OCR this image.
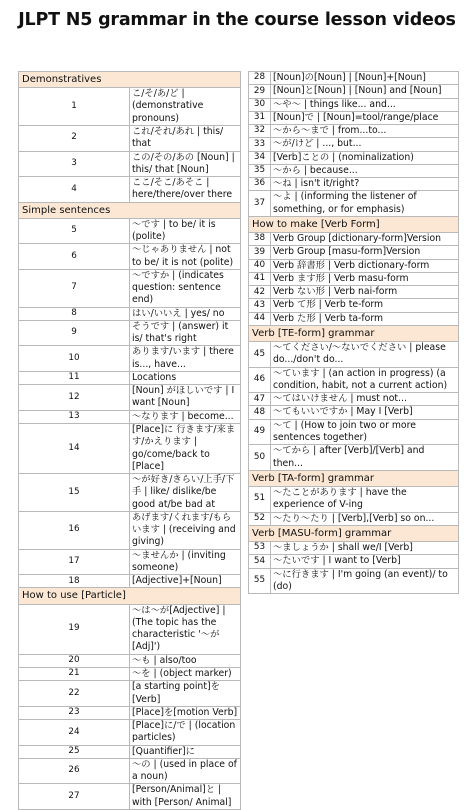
JLPT N5 grammar in the course lesson videos
Demonstratives	
1	こ/そ/あ/ど | (demonstrative pronouns)
2	これ/それ/あれ | this/ that
3	この/その/あの [Noun] | this/ that [Noun]
4	ここ/そこ/あそこ | here/there/over there
Simple sentences	
5	〜です | to be/ it is (polite)
6	〜じゃありません | not to be/ it is not (polite)
7	〜ですか | (indicates question: sentence end)
8	はい/いいえ | yes/ no
9	そうです | (answer) it is/ that's right
10	あります/います | there is..., have...
11	Locations
12	[Noun] がほしいです | I want [Noun]
13	〜なります | become...
14	[Place]に 行きます/来ます/かえります | go/come/back to [Place]
15	〜が好き/きらい/上手/下手 | like/ dislike/be good at/be bad at
16	あげます/くれます/もらいます | (receiving and giving)
17	〜ませんか | (inviting someone)
18	[Adjective]+[Noun]
How to use [Particle]	
19	〜は〜が[Adjective] | (The topic has the characteristic '〜が[Adj]')
20	〜も | also/too
21	〜を | (object marker)
22	[a starting point]を[Verb]
23	[Place]を[motion Verb]
24	[Place]に/で | (location particles)
25	[Quantifier]に
26	〜の | (used in place of a noun)
27	[Person/Animal]と | with [Person/ Animal]
28	[Noun]の[Noun] | [Noun]+[Noun]
29	[Noun]と[Noun] | [Noun] and [Noun]
30	〜や〜 | things like... and...
31	[Noun]で | [Noun]=tool/range/place
32	〜から〜まで | from...to...
33	〜が/けど | ..., but...
34	[Verb]ことの | (nominalization)
35	〜から | because...
36	〜ね | isn't it/right?
37	〜よ | (informing the listener of something, or for emphasis)
How to make [Verb Form]	
38	Verb Group [dictionary-form]Version
39	Verb Group [masu-form]Version
40	Verb 辞書形 | Verb dictionary-form
41	Verb ます形 | Verb masu-form
42	Verb ない形 | Verb nai-form
43	Verb て形 | Verb te-form
44	Verb た形 | Verb ta-form
Verb [TE-form] grammar	
45	〜てください/〜ないでください | please do.../don't do...
46	〜ています | (an action in progress) (a condition, habit, not a current action)
47	〜てはいけません | must not...
48	〜てもいいですか | May I [Verb]
49	〜て | (How to join two or more sentences together)
50	〜てから | after [Verb]/[Verb] and then...
Verb [TA-form] grammar	
51	〜たことがあります | have the experience of V-ing
52	〜たり〜たり | [Verb],[Verb] so on...
Verb [MASU-form] grammar	
53	〜ましょうか | shall we/I [Verb]
54	〜たいです | I want to [Verb]
55	〜に行きます | I'm going (an event)/ to (do)
